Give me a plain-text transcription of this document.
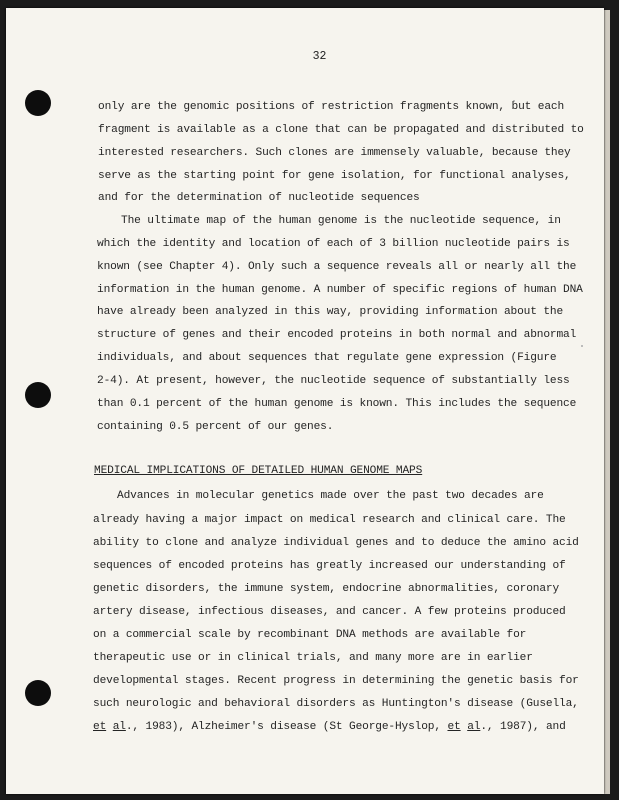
32
only are the genomic positions of restriction fragments known, but each
fragment is available as a clone that can be propagated and distributed to
interested researchers. Such clones are immensely valuable, because they
serve as the starting point for gene isolation, for functional analyses,
and for the determination of nucleotide sequences
The ultimate map of the human genome is the nucleotide sequence, in
which the identity and location of each of 3 billion nucleotide pairs is
known (see Chapter 4). Only such a sequence reveals all or nearly all the
information in the human genome. A number of specific regions of human DNA
have already been analyzed in this way, providing information about the
structure of genes and their encoded proteins in both normal and abnormal
individuals, and about sequences that regulate gene expression (Figure
2-4). At present, however, the nucleotide sequence of substantially less
than 0.1 percent of the human genome is known. This includes the sequence
containing 0.5 percent of our genes.
MEDICAL IMPLICATIONS OF DETAILED HUMAN GENOME MAPS
Advances in molecular genetics made over the past two decades are
already having a major impact on medical research and clinical care. The
ability to clone and analyze individual genes and to deduce the amino acid
sequences of encoded proteins has greatly increased our understanding of
genetic disorders, the immune system, endocrine abnormalities, coronary
artery disease, infectious diseases, and cancer. A few proteins produced
on a commercial scale by recombinant DNA methods are available for
therapeutic use or in clinical trials, and many more are in earlier
developmental stages. Recent progress in determining the genetic basis for
such neurologic and behavioral disorders as Huntington's disease (Gusella,
et al., 1983), Alzheimer's disease (St George-Hyslop, et al., 1987), and
